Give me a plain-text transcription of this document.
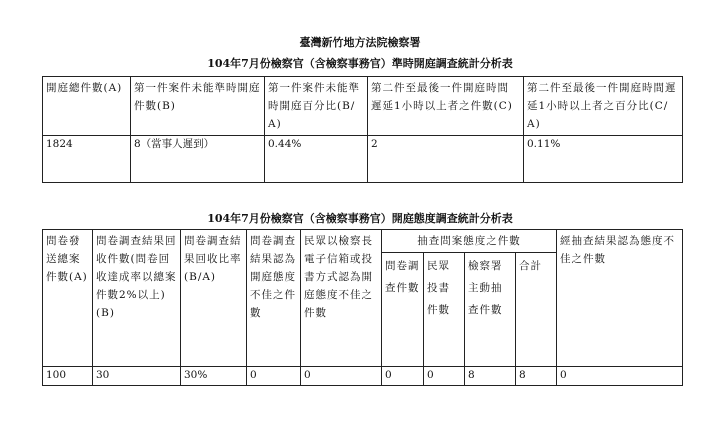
臺灣新竹地方法院檢察署
104年7月份檢察官（含檢察事務官）準時開庭調查統計分析表
開庭總件數(A)	第一件案件未能準時開庭件數(B)	第一件案件未能準時開庭百分比(B/A)	第二件至最後一件開庭時間遲延1小時以上者之件數(C)	第二件至最後一件開庭時間遲延1小時以上者之百分比(C/A)
1824	8（當事人遲到）	0.44%	2	0.11%
104年7月份檢察官（含檢察事務官）開庭態度調查統計分析表
問卷發送總案件數(A)	問卷調查結果回收件數(問卷回收達成率以總案件數2%以上)(B)	問卷調查結果回收比率(B/A)	問卷調查結果認為開庭態度不佳之件數	民眾以檢察長電子信箱或投書方式認為開庭態度不佳之件數	抽查問案態度之件數				經抽查結果認為態度不佳之件數
					問卷調查件數	民眾投書件數	檢察署主動抽查件數	合計	
100	30	30%	0	0	0	0	8	8	0
